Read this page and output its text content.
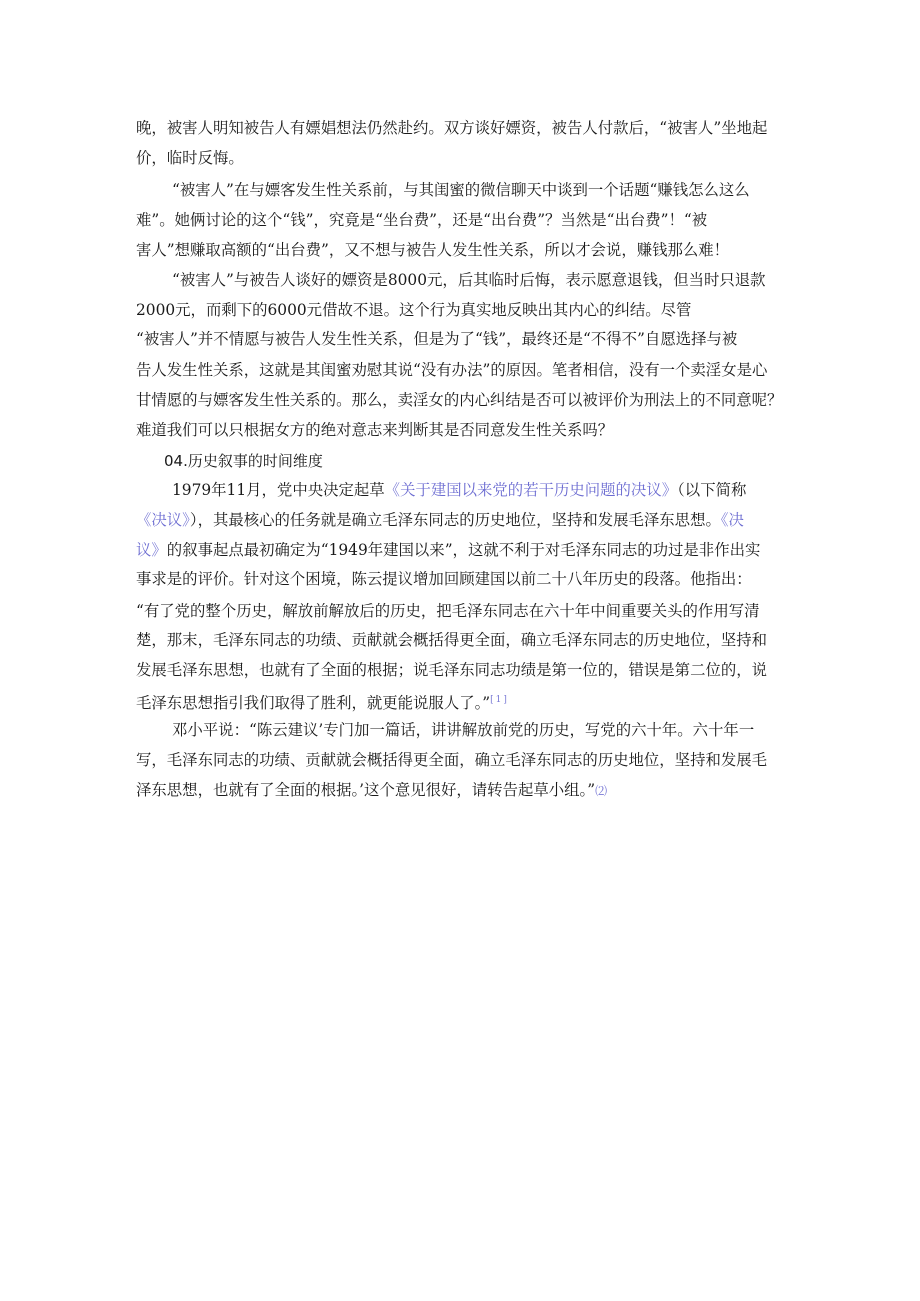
晚，被害人明知被告人有嫖娼想法仍然赴约。双方谈好嫖资，被告人付款后，“被害人”坐地起
价，临时反悔。
“被害人”在与嫖客发生性关系前，与其闺蜜的微信聊天中谈到一个话题“赚钱怎么这么
难”。她俩讨论的这个“钱”，究竟是“坐台费”，还是“出台费”？当然是“出台费”！“被
害人”想赚取高额的“出台费”，又不想与被告人发生性关系，所以才会说，赚钱那么难！
“被害人”与被告人谈好的嫖资是8000元，后其临时后悔，表示愿意退钱，但当时只退款
2000元，而剩下的6000元借故不退。这个行为真实地反映出其内心的纠结。尽管
“被害人”并不情愿与被告人发生性关系，但是为了“钱”，最终还是“不得不”自愿选择与被
告人发生性关系，这就是其闺蜜劝慰其说“没有办法”的原因。笔者相信，没有一个卖淫女是心
甘情愿的与嫖客发生性关系的。那么，卖淫女的内心纠结是否可以被评价为刑法上的不同意呢？
难道我们可以只根据女方的绝对意志来判断其是否同意发生性关系吗？
04.历史叙事的时间维度
1979年11月，党中央决定起草《关于建国以来党的若干历史问题的决议》（以下简称
《决议》），其最核心的任务就是确立毛泽东同志的历史地位，坚持和发展毛泽东思想。《决
议》的叙事起点最初确定为“1949年建国以来”，这就不利于对毛泽东同志的功过是非作出实
事求是的评价。针对这个困境，陈云提议增加回顾建国以前二十八年历史的段落。他指出：
“有了党的整个历史，解放前解放后的历史，把毛泽东同志在六十年中间重要关头的作用写清
楚，那末，毛泽东同志的功绩、贡献就会概括得更全面，确立毛泽东同志的历史地位，坚持和
发展毛泽东思想，也就有了全面的根据；说毛泽东同志功绩是第一位的，错误是第二位的，说
毛泽东思想指引我们取得了胜利，就更能说服人了。”[1]
邓小平说：“陈云建议’专门加一篇话，讲讲解放前党的历史，写党的六十年。六十年一
写，毛泽东同志的功绩、贡献就会概括得更全面，确立毛泽东同志的历史地位，坚持和发展毛
泽东思想，也就有了全面的根据。’这个意见很好，请转告起草小组。”⑵
